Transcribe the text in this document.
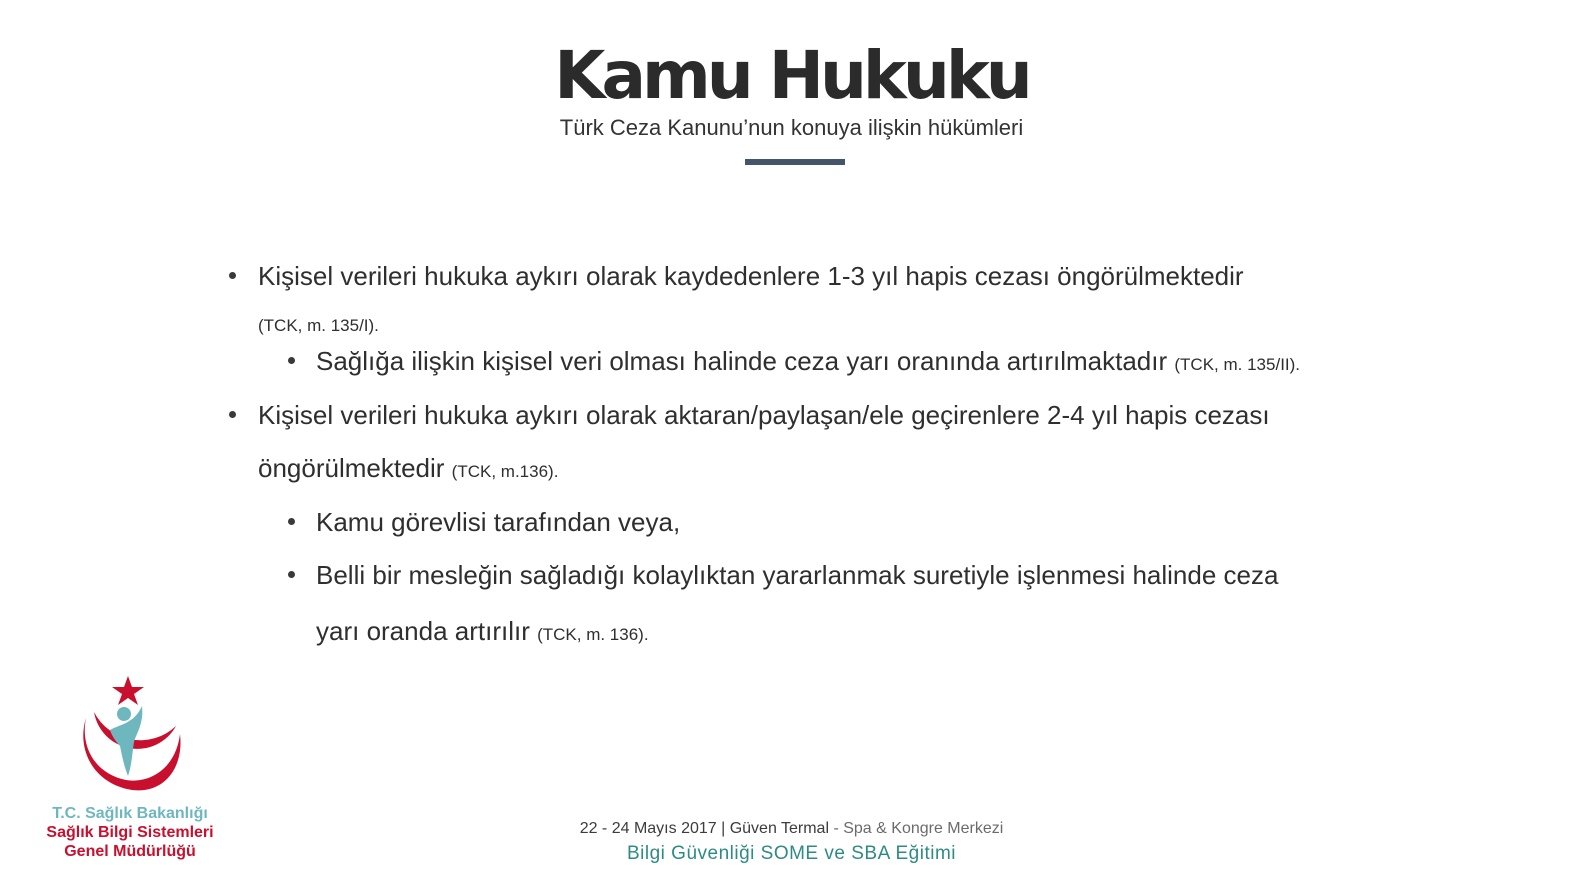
Kamu Hukuku
Türk Ceza Kanunu’nun konuya ilişkin hükümleri
Kişisel verileri hukuka aykırı olarak kaydedenlere 1-3 yıl hapis cezası öngörülmektedir
(TCK, m. 135/I).
Sağlığa ilişkin kişisel veri olması halinde ceza yarı oranında artırılmaktadır (TCK, m. 135/II).
Kişisel verileri hukuka aykırı olarak aktaran/paylaşan/ele geçirenlere 2-4 yıl hapis cezası
öngörülmektedir (TCK, m.136).
Kamu görevlisi tarafından veya,
Belli bir mesleğin sağladığı kolaylıktan yararlanmak suretiyle işlenmesi halinde ceza
yarı oranda artırılır (TCK, m. 136).
T.C. Sağlık Bakanlığı
Sağlık Bilgi Sistemleri
Genel Müdürlüğü
22 - 24 Mayıs 2017 | Güven Termal - Spa & Kongre Merkezi
Bilgi Güvenliği SOME ve SBA Eğitimi
